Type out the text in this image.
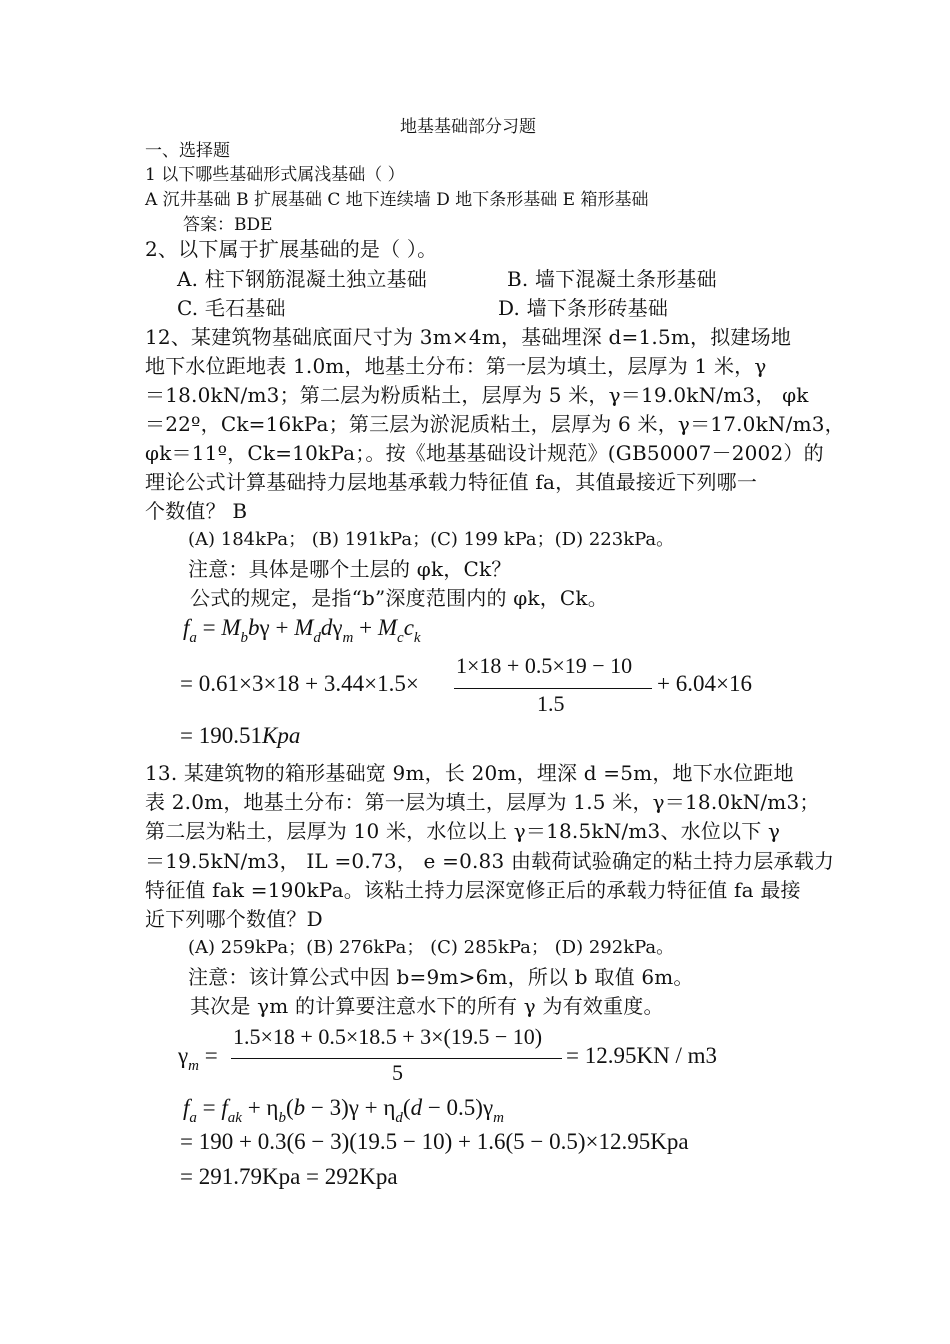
地基基础部分习题
一、选择题
1 以下哪些基础形式属浅基础（ ）
A 沉井基础 B 扩展基础 C 地下连续墙 D 地下条形基础 E 箱形基础
答案：BDE
2、以下属于扩展基础的是（ ）。
A. 柱下钢筋混凝土独立基础	B. 墙下混凝土条形基础
C. 毛石基础	D. 墙下条形砖基础
12、某建筑物基础底面尺寸为 3m×4m，基础埋深 d=1.5m，拟建场地
地下水位距地表 1.0m，地基土分布：第一层为填土，层厚为 1 米，γ
＝18.0kN/m3；第二层为粉质粘土，层厚为 5 米，γ＝19.0kN/m3， φk
＝22º，Ck=16kPa；第三层为淤泥质粘土，层厚为 6 米，γ＝17.0kN/m3，
φk＝11º，Ck=10kPa；。按《地基基础设计规范》(GB50007－2002）的
理论公式计算基础持力层地基承载力特征值 fa，其值最接近下列哪一
个数值？ B
(A) 184kPa； (B) 191kPa；(C) 199 kPa；(D) 223kPa。
注意：具体是哪个土层的 φk，Ck？
公式的规定，是指“b”深度范围内的 φk，Ck。
$f_a = M_bb\gamma + M_dd\gamma_m + M_cc_k$
= 0.61×3×18 + 3.44×1.5×
1×18 + 0.5×19 − 10
1.5
+ 6.04×16
= 190.51Kpa
13. 某建筑物的箱形基础宽 9m，长 20m，埋深 d =5m，地下水位距地
表 2.0m，地基土分布：第一层为填土，层厚为 1.5 米，γ＝18.0kN/m3；
第二层为粘土，层厚为 10 米，水位以上 γ＝18.5kN/m3、水位以下 γ
＝19.5kN/m3， IL =0.73， e =0.83 由载荷试验确定的粘土持力层承载力
特征值 fak =190kPa。该粘土持力层深宽修正后的承载力特征值 fa 最接
近下列哪个数值？D
(A) 259kPa；(B) 276kPa； (C) 285kPa； (D) 292kPa。
注意：该计算公式中因 b=9m>6m，所以 b 取值 6m。
其次是 γm 的计算要注意水下的所有 γ 为有效重度。
$\gamma_m$ =
1.5×18 + 0.5×18.5 + 3×(19.5 − 10)
5
= 12.95KN / m3
$f_a = f_{ak} + \eta_b(b - 3)\gamma + \eta_d(d - 0.5)\gamma_m$
= 190 + 0.3(6 − 3)(19.5 − 10) + 1.6(5 − 0.5)×12.95Kpa
= 291.79Kpa = 292Kpa
